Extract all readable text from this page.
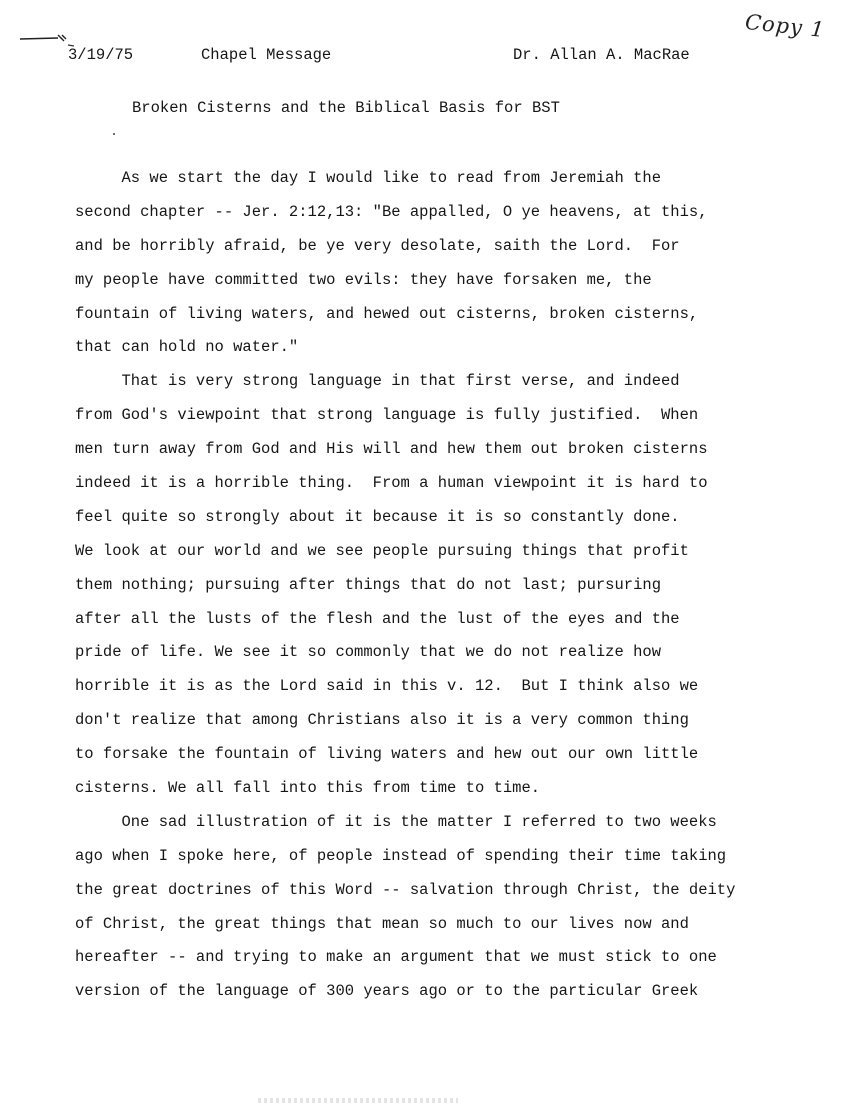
Copy 1
3/19/75	Chapel Message	Dr. Allan A. MacRae
Broken Cisterns and the Biblical Basis for BST
As we start the day I would like to read from Jeremiah the
second chapter -- Jer. 2:12,13: "Be appalled, O ye heavens, at this,
and be horribly afraid, be ye very desolate, saith the Lord.  For
my people have committed two evils: they have forsaken me, the
fountain of living waters, and hewed out cisterns, broken cisterns,
that can hold no water."
That is very strong language in that first verse, and indeed
from God's viewpoint that strong language is fully justified.  When
men turn away from God and His will and hew them out broken cisterns
indeed it is a horrible thing.  From a human viewpoint it is hard to
feel quite so strongly about it because it is so constantly done.
We look at our world and we see people pursuing things that profit
them nothing; pursuing after things that do not last; pursuring
after all the lusts of the flesh and the lust of the eyes and the
pride of life. We see it so commonly that we do not realize how
horrible it is as the Lord said in this v. 12.  But I think also we
don't realize that among Christians also it is a very common thing
to forsake the fountain of living waters and hew out our own little
cisterns. We all fall into this from time to time.
One sad illustration of it is the matter I referred to two weeks
ago when I spoke here, of people instead of spending their time taking
the great doctrines of this Word -- salvation through Christ, the deity
of Christ, the great things that mean so much to our lives now and
hereafter -- and trying to make an argument that we must stick to one
version of the language of 300 years ago or to the particular Greek
